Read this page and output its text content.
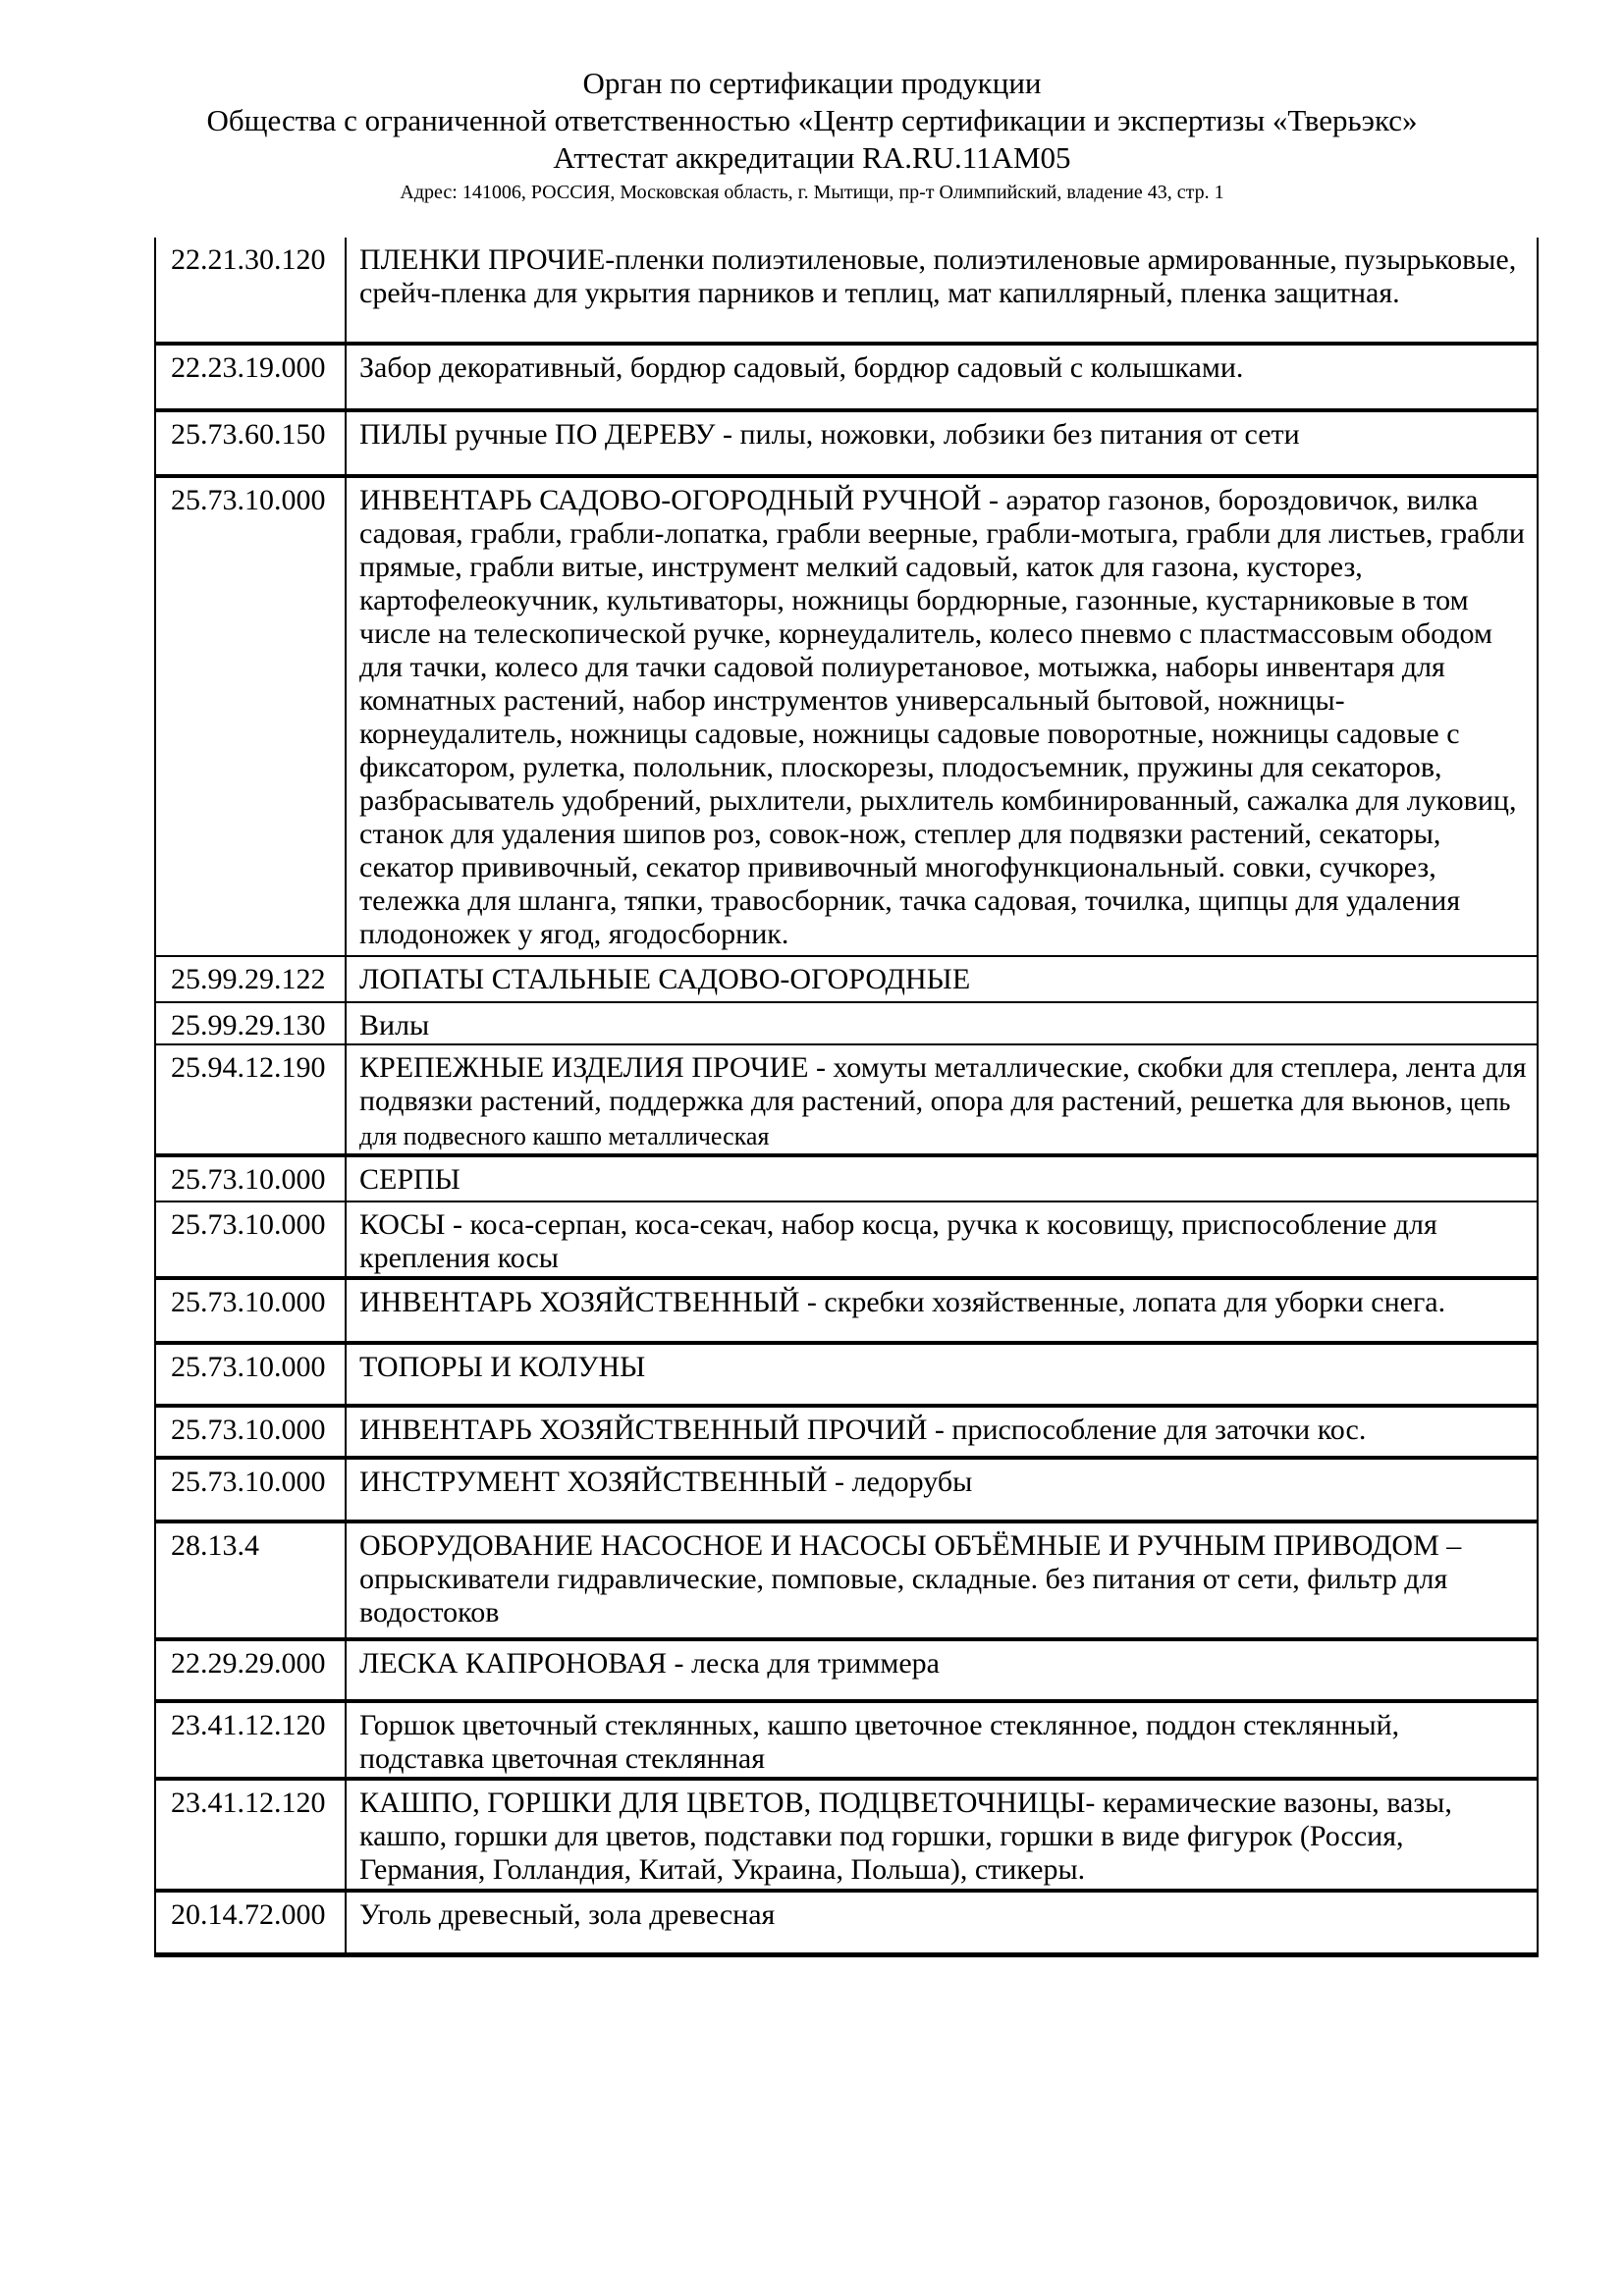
Орган по сертификации продукции
Общества с ограниченной ответственностью «Центр сертификации и экспертизы «Тверьэкс»
Аттестат аккредитации RA.RU.11AM05
Адрес: 141006, РОССИЯ, Московская область, г. Мытищи, пр-т Олимпийский, владение 43, стр. 1
22.21.30.120	ПЛЕНКИ ПРОЧИЕ-пленки полиэтиленовые, полиэтиленовые армированные, пузырьковые, срейч-пленка для укрытия парников и теплиц, мат капиллярный, пленка защитная.
22.23.19.000	Забор декоративный, бордюр садовый, бордюр садовый с колышками.
25.73.60.150	ПИЛЫ ручные ПО ДЕРЕВУ - пилы, ножовки, лобзики без питания от сети
25.73.10.000	ИНВЕНТАРЬ САДОВО-ОГОРОДНЫЙ РУЧНОЙ - аэратор газонов, бороздовичок, вилка садовая, грабли, грабли-лопатка, грабли веерные, грабли-мотыга, грабли для листьев, грабли прямые, грабли витые, инструмент мелкий садовый, каток для газона, кусторез, картофелеокучник, культиваторы, ножницы бордюрные, газонные, кустарниковые в том числе на телескопической ручке, корнеудалитель, колесо пневмо с пластмассовым ободом для тачки, колесо для тачки садовой полиуретановое, мотыжка, наборы инвентаря для комнатных растений, набор инструментов универсальный бытовой, ножницы-корнеудалитель, ножницы садовые, ножницы садовые поворотные, ножницы садовые с фиксатором, рулетка, полольник, плоскорезы, плодосъемник, пружины для секаторов, разбрасыватель удобрений, рыхлители, рыхлитель комбинированный, сажалка для луковиц, станок для удаления шипов роз, совок-нож, степлер для подвязки растений, секаторы, секатор прививочный, секатор прививочный многофункциональный. совки, сучкорез, тележка для шланга, тяпки, травосборник, тачка садовая, точилка, щипцы для удаления плодоножек у ягод, ягодосборник.
25.99.29.122	ЛОПАТЫ СТАЛЬНЫЕ САДОВО-ОГОРОДНЫЕ
25.99.29.130	Вилы
25.94.12.190	КРЕПЕЖНЫЕ ИЗДЕЛИЯ ПРОЧИЕ - хомуты металлические, скобки для степлера, лента для подвязки растений, поддержка для растений, опора для растений, решетка для вьюнов, цепь для подвесного кашпо металлическая
25.73.10.000	СЕРПЫ
25.73.10.000	КОСЫ - коса-серпан, коса-секач, набор косца, ручка к косовищу, приспособление для крепления косы
25.73.10.000	ИНВЕНТАРЬ ХОЗЯЙСТВЕННЫЙ - скребки хозяйственные, лопата для уборки снега.
25.73.10.000	ТОПОРЫ И КОЛУНЫ
25.73.10.000	ИНВЕНТАРЬ ХОЗЯЙСТВЕННЫЙ ПРОЧИЙ - приспособление для заточки кос.
25.73.10.000	ИНСТРУМЕНТ ХОЗЯЙСТВЕННЫЙ - ледорубы
28.13.4	ОБОРУДОВАНИЕ НАСОСНОЕ И НАСОСЫ ОБЪЁМНЫЕ И РУЧНЫМ ПРИВОДОМ – опрыскиватели гидравлические, помповые, складные. без питания от сети, фильтр для водостоков
22.29.29.000	ЛЕСКА КАПРОНОВАЯ - леска для триммера
23.41.12.120	Горшок цветочный стеклянных, кашпо цветочное стеклянное, поддон стеклянный, подставка цветочная стеклянная
23.41.12.120	КАШПО, ГОРШКИ ДЛЯ ЦВЕТОВ, ПОДЦВЕТОЧНИЦЫ- керамические вазоны, вазы, кашпо, горшки для цветов, подставки под горшки, горшки в виде фигурок (Россия, Германия, Голландия, Китай, Украина, Польша), стикеры.
20.14.72.000	Уголь древесный, зола древесная
